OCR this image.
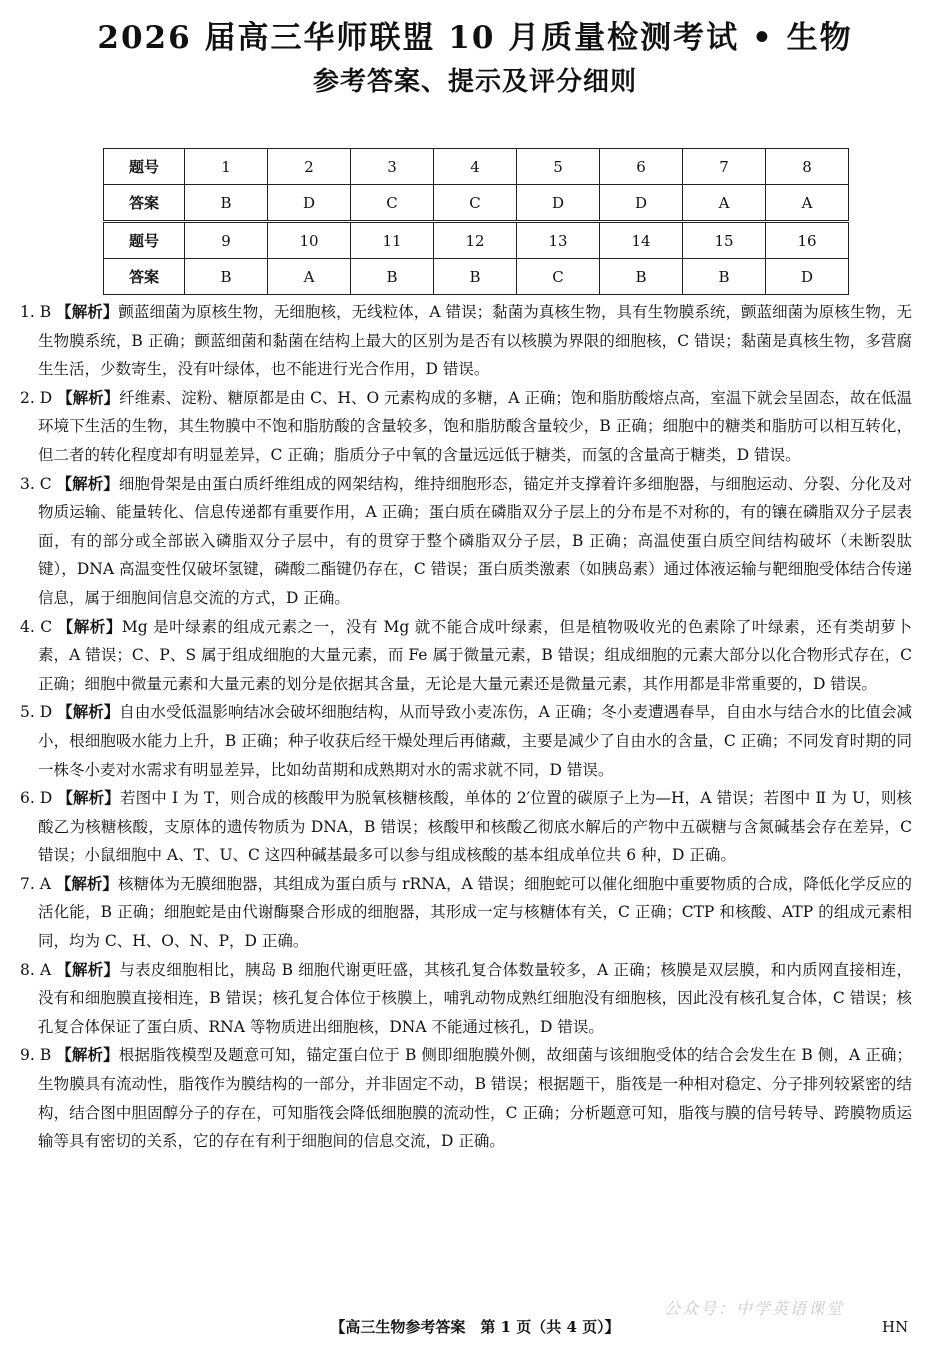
2026 届高三华师联盟 10 月质量检测考试 • 生物
参考答案、提示及评分细则
题号	1	2	3	4	5	6	7	8
答案	B	D	C	C	D	D	A	A
题号	9	10	11	12	13	14	15	16
答案	B	A	B	B	C	B	B	D

1. B 【解析】颤蓝细菌为原核生物，无细胞核，无线粒体，A 错误；黏菌为真核生物，具有生物膜系统，颤蓝细菌为原核生物，无生物膜系统，B 正确；颤蓝细菌和黏菌在结构上最大的区别为是否有以核膜为界限的细胞核，C 错误；黏菌是真核生物，多营腐生生活，少数寄生，没有叶绿体，也不能进行光合作用，D 错误。

2. D 【解析】纤维素、淀粉、糖原都是由 C、H、O 元素构成的多糖，A 正确；饱和脂肪酸熔点高，室温下就会呈固态，故在低温环境下生活的生物，其生物膜中不饱和脂肪酸的含量较多，饱和脂肪酸含量较少，B 正确；细胞中的糖类和脂肪可以相互转化，但二者的转化程度却有明显差异，C 正确；脂质分子中氧的含量远远低于糖类，而氢的含量高于糖类，D 错误。

3. C 【解析】细胞骨架是由蛋白质纤维组成的网架结构，维持细胞形态，锚定并支撑着许多细胞器，与细胞运动、分裂、分化及对物质运输、能量转化、信息传递都有重要作用，A 正确；蛋白质在磷脂双分子层上的分布是不对称的，有的镶在磷脂双分子层表面，有的部分或全部嵌入磷脂双分子层中，有的贯穿于整个磷脂双分子层，B 正确；高温使蛋白质空间结构破坏（未断裂肽键），DNA 高温变性仅破坏氢键，磷酸二酯键仍存在，C 错误；蛋白质类激素（如胰岛素）通过体液运输与靶细胞受体结合传递信息，属于细胞间信息交流的方式，D 正确。

4. C 【解析】Mg 是叶绿素的组成元素之一，没有 Mg 就不能合成叶绿素，但是植物吸收光的色素除了叶绿素，还有类胡萝卜素，A 错误；C、P、S 属于组成细胞的大量元素，而 Fe 属于微量元素，B 错误；组成细胞的元素大部分以化合物形式存在，C 正确；细胞中微量元素和大量元素的划分是依据其含量，无论是大量元素还是微量元素，其作用都是非常重要的，D 错误。

5. D 【解析】自由水受低温影响结冰会破坏细胞结构，从而导致小麦冻伤，A 正确；冬小麦遭遇春旱，自由水与结合水的比值会减小，根细胞吸水能力上升，B 正确；种子收获后经干燥处理后再储藏，主要是减少了自由水的含量，C 正确；不同发育时期的同一株冬小麦对水需求有明显差异，比如幼苗期和成熟期对水的需求就不同，D 错误。

6. D 【解析】若图中 Ⅰ 为 T，则合成的核酸甲为脱氧核糖核酸，单体的 2′位置的碳原子上为—H，A 错误；若图中 Ⅱ 为 U，则核酸乙为核糖核酸，支原体的遗传物质为 DNA，B 错误；核酸甲和核酸乙彻底水解后的产物中五碳糖与含氮碱基会存在差异，C 错误；小鼠细胞中 A、T、U、C 这四种碱基最多可以参与组成核酸的基本组成单位共 6 种，D 正确。

7. A 【解析】核糖体为无膜细胞器，其组成为蛋白质与 rRNA，A 错误；细胞蛇可以催化细胞中重要物质的合成，降低化学反应的活化能，B 正确；细胞蛇是由代谢酶聚合形成的细胞器，其形成一定与核糖体有关，C 正确；CTP 和核酸、ATP 的组成元素相同，均为 C、H、O、N、P，D 正确。

8. A 【解析】与表皮细胞相比，胰岛 B 细胞代谢更旺盛，其核孔复合体数量较多，A 正确；核膜是双层膜，和内质网直接相连，没有和细胞膜直接相连，B 错误；核孔复合体位于核膜上，哺乳动物成熟红细胞没有细胞核，因此没有核孔复合体，C 错误；核孔复合体保证了蛋白质、RNA 等物质进出细胞核，DNA 不能通过核孔，D 错误。

9. B 【解析】根据脂筏模型及题意可知，锚定蛋白位于 B 侧即细胞膜外侧，故细菌与该细胞受体的结合会发生在 B 侧，A 正确；生物膜具有流动性，脂筏作为膜结构的一部分，并非固定不动，B 错误；根据题干，脂筏是一种相对稳定、分子排列较紧密的结构，结合图中胆固醇分子的存在，可知脂筏会降低细胞膜的流动性，C 正确；分析题意可知，脂筏与膜的信号转导、跨膜物质运输等具有密切的关系，它的存在有利于细胞间的信息交流，D 正确。

公众号：中学英语课堂
【高三生物参考答案　第 1 页（共 4 页）】	HN
